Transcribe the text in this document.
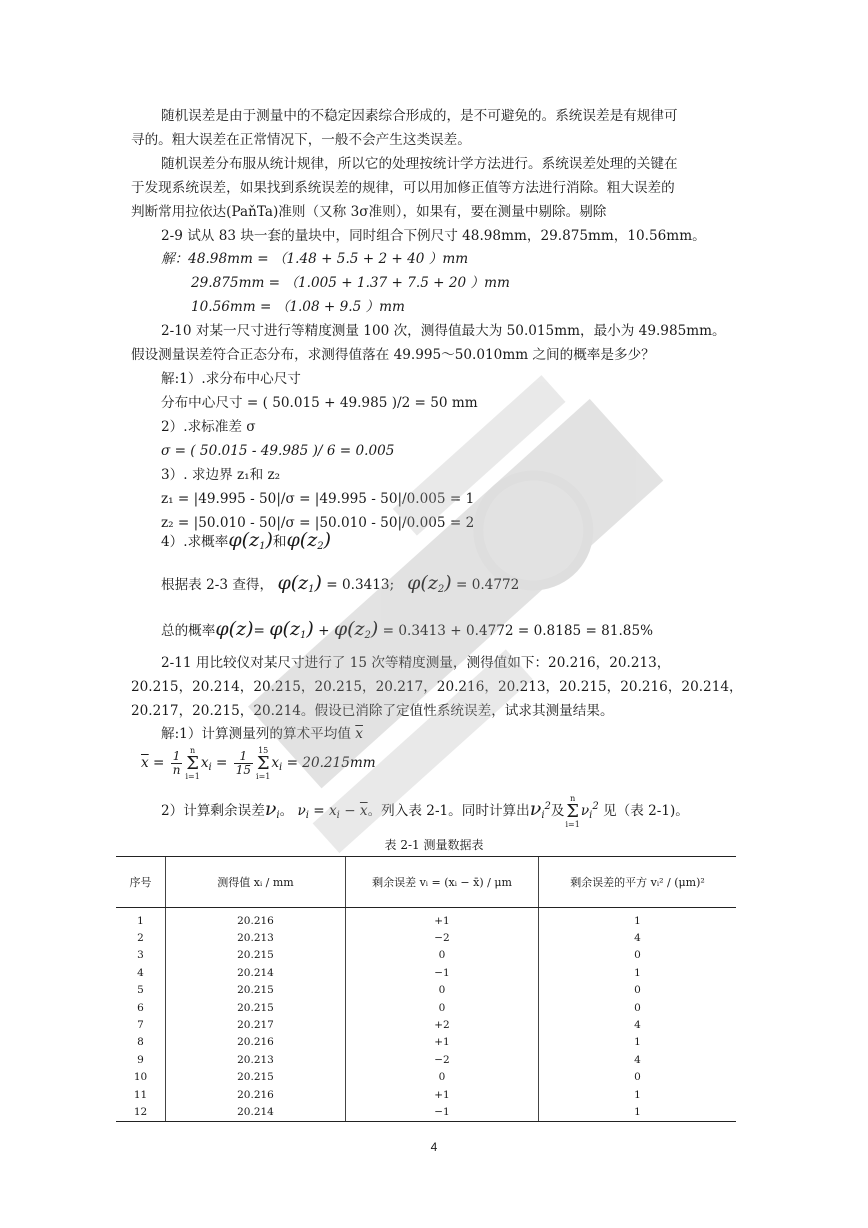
随机误差是由于测量中的不稳定因素综合形成的，是不可避免的。系统误差是有规律可
寻的。粗大误差在正常情况下，一般不会产生这类误差。
随机误差分布服从统计规律，所以它的处理按统计学方法进行。系统误差处理的关键在
于发现系统误差，如果找到系统误差的规律，可以用加修正值等方法进行消除。粗大误差的
判断常用拉依达(PaňTa)准则（又称 3σ准则），如果有，要在测量中剔除。剔除
2-9 试从 83 块一套的量块中，同时组合下例尺寸 48.98mm，29.875mm，10.56mm。
解：48.98mm = （1.48 + 5.5 + 2 + 40 ）mm
29.875mm = （1.005 + 1.37 + 7.5 + 20 ）mm
10.56mm = （1.08 + 9.5 ）mm
2-10 对某一尺寸进行等精度测量 100 次，测得值最大为 50.015mm，最小为 49.985mm。
假设测量误差符合正态分布，求测得值落在 49.995～50.010mm 之间的概率是多少？
解:1）.求分布中心尺寸
分布中心尺寸 = ( 50.015 + 49.985 )/2 = 50 mm
2）.求标准差 σ
σ = ( 50.015 - 49.985 )/ 6 = 0.005
3）. 求边界 z₁和 z₂
z₁ = |49.995 - 50|/σ = |49.995 - 50|/0.005 = 1
z₂ = |50.010 - 50|/σ = |50.010 - 50|/0.005 = 2
4）.求概率$\varphi(z_1)$和$\varphi(z_2)$
根据表 2-3 查得， $\varphi(z_1) = 0.3413$; $\varphi(z_2) = 0.4772$
总的概率$\varphi(z)= \varphi(z_1) + \varphi(z_2) = 0.3413 + 0.4772 = 0.8185 = 81.85\%$
2-11 用比较仪对某尺寸进行了 15 次等精度测量，测得值如下：20.216，20.213，
20.215，20.214，20.215，20.215，20.217，20.216，20.213，20.215，20.216，20.214，
20.217，20.215，20.214。假设已消除了定值性系统误差，试求其测量结果。
解:1）计算测量列的算术平均值 $\overline{x}$
$\overline{x} = \frac{1}{n}$ n
Σ
$i=1x_i = \frac{1}{15} 15$
Σ
$i=1x_i = 20.215mm$
2）计算剩余误差$\nu_i$。 $\nu_i = x_i - \overline{x}$。列入表 2-1。同时计算出$\nu_i^2$及n
Σ
$i=1\nu_i^2$ 见（表 2-1)。
表 2-1 测量数据表
序号	测得值 xᵢ / mm	剩余误差 vᵢ = (xᵢ − x̄) / μm	剩余误差的平方 vᵢ² / (μm)²
1	20.216	+1	1
2	20.213	−2	4
3	20.215	0	0
4	20.214	−1	1
5	20.215	0	0
6	20.215	0	0
7	20.217	+2	4
8	20.216	+1	1
9	20.213	−2	4
10	20.215	0	0
11	20.216	+1	1
12	20.214	−1	1
4
